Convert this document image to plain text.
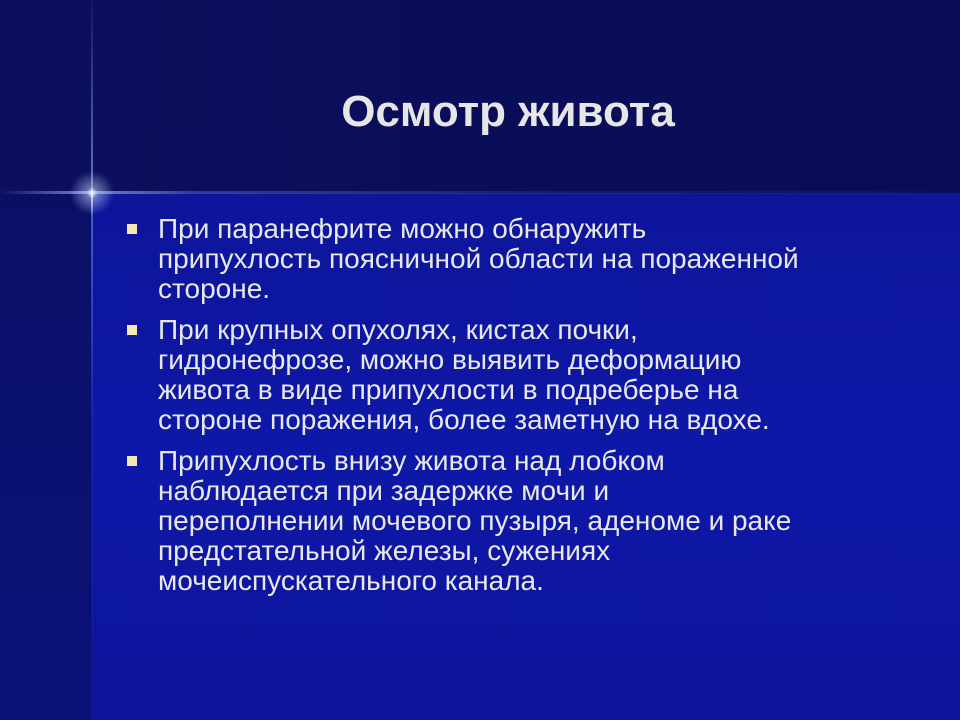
Осмотр живота
При паранефрите можно обнаружить
припухлость поясничной области на пораженной
стороне.
При крупных опухолях, кистах почки,
гидронефрозе, можно выявить деформацию
живота в виде припухлости в подреберье на
стороне поражения, более заметную на вдохе.
Припухлость внизу живота над лобком
наблюдается при задержке мочи и
переполнении мочевого пузыря, аденоме и раке
предстательной железы, сужениях
мочеиспускательного канала.
